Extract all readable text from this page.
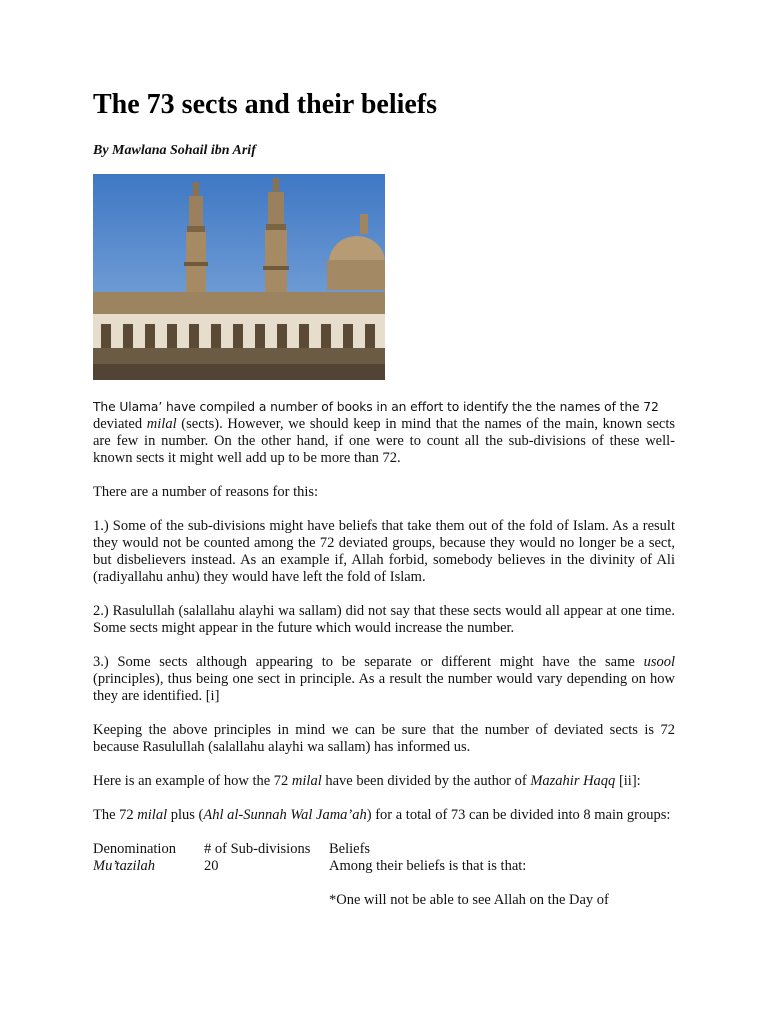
The 73 sects and their beliefs
By Mawlana Sohail ibn Arif

The Ulama’ have compiled a number of books in an effort to identify the the names of the 72
deviated milal (sects). However, we should keep in mind that the names of the main, known sects are few in number. On the other hand, if one were to count all the sub-divisions of these well-known sects it might well add up to be more than 72.

There are a number of reasons for this:

1.) Some of the sub-divisions might have beliefs that take them out of the fold of Islam. As a result they would not be counted among the 72 deviated groups, because they would no longer be a sect, but disbelievers instead. As an example if, Allah forbid, somebody believes in the divinity of Ali (radiyallahu anhu) they would have left the fold of Islam.

2.) Rasulullah (salallahu alayhi wa sallam) did not say that these sects would all appear at one time. Some sects might appear in the future which would increase the number.

3.) Some sects although appearing to be separate or different might have the same usool (principles), thus being one sect in principle. As a result the number would vary depending on how they are identified. [i]

Keeping the above principles in mind we can be sure that the number of deviated sects is 72 because Rasulullah (salallahu alayhi wa sallam) has informed us.

Here is an example of how the 72 milal have been divided by the author of Mazahir Haqq [ii]:

The 72 milal plus (Ahl al-Sunnah Wal Jama’ah) for a total of 73 can be divided into 8 main groups:

Denomination	# of Sub-divisions	Beliefs
Mu’tazilah	20	Among their beliefs is that is that:
*One will not be able to see Allah on the Day of
